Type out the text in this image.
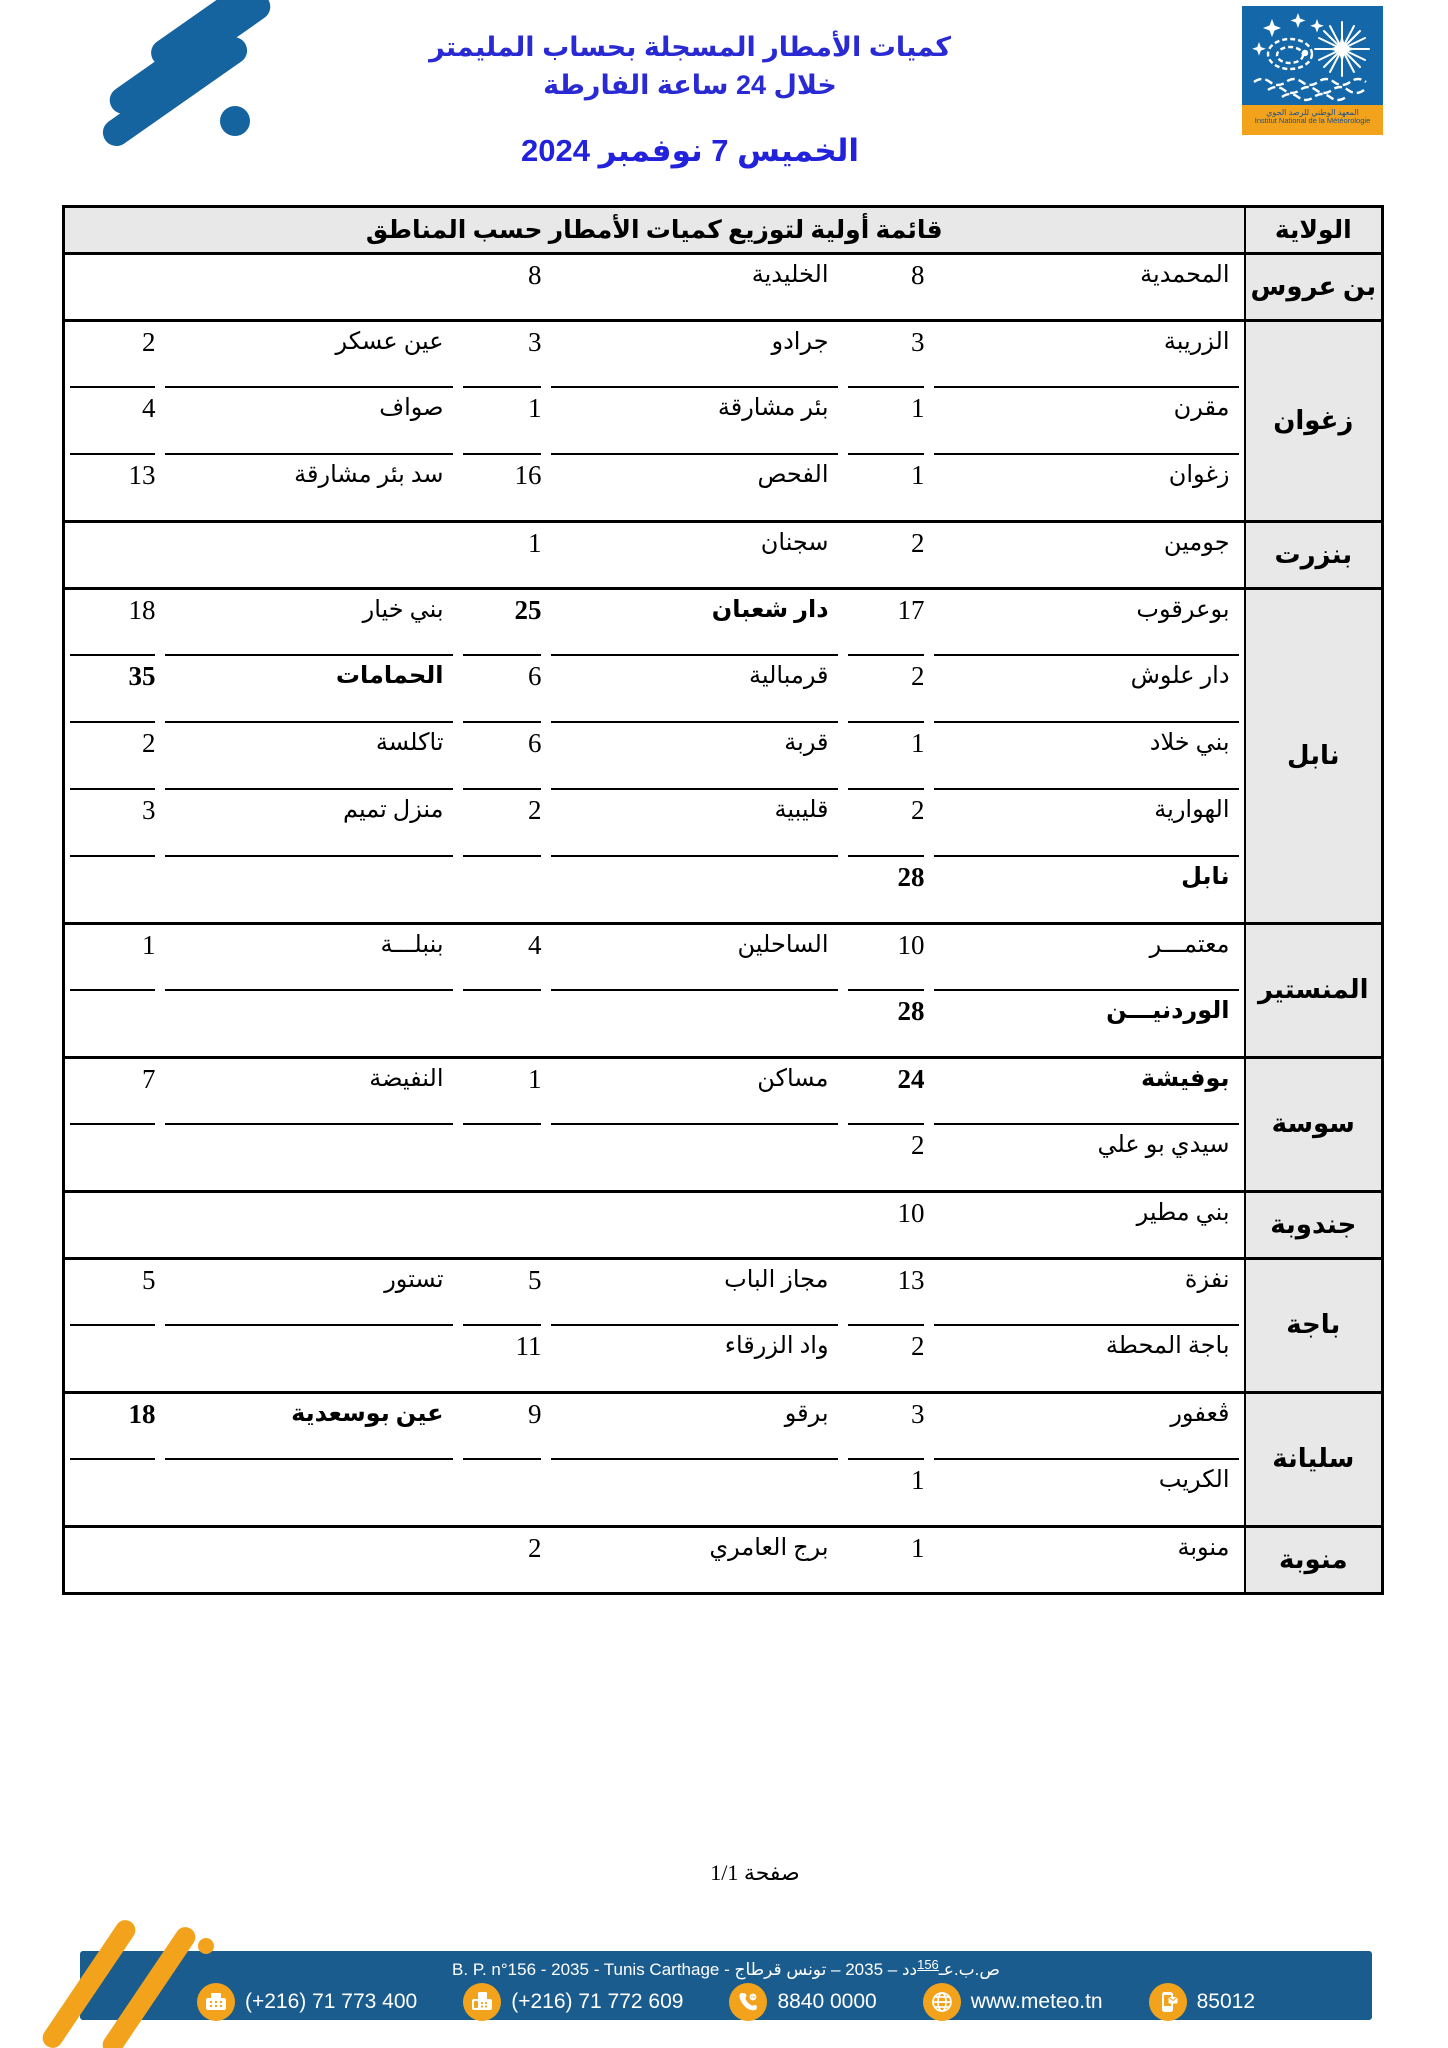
كميات الأمطار المسجلة بحساب المليمتر
خلال 24 ساعة الفارطة
الخميس 7 نوفمبر 2024
المعهد الوطني للرصد الجوي
Institut National de la Météorologie
الولاية	قائمة أولية لتوزيع كميات الأمطار حسب المناطق					
بن عروس	المحمدية	8	الخليدية	8		
زغوان	الزريبة	3	جرادو	3	عين عسكر	2
	مقرن	1	بئر مشارقة	1	صواف	4
	زغوان	1	الفحص	16	سد بئر مشارقة	13
بنزرت	جومين	2	سجنان	1		
نابل	بوعرقوب	17	دار شعبان	25	بني خيار	18
	دار علوش	2	قرمبالية	6	الحمامات	35
	بني خلاد	1	قربة	6	تاكلسة	2
	الهوارية	2	قليبية	2	منزل تميم	3
	نابل	28				
المنستير	معتمـــر	10	الساحلين	4	بنبلـــة	1
	الوردنيـــن	28				
سوسة	بوفيشة	24	مساكن	1	النفيضة	7
	سيدي بو علي	2				
جندوبة	بني مطير	10				
باجة	نفزة	13	مجاز الباب	5	تستور	5
	باجة المحطة	2	واد الزرقاء	11		
سليانة	ڤعفور	3	برقو	9	عين بوسعدية	18
	الكريب	1				
منوبة	منوبة	1	برج العامري	2		
صفحة 1/1
ص.ب.عـ$^{156}$دد – 2035 – تونس قرطاج - B. P. n°156 - 2035 - Tunis Carthage
(+216) 71 773 400	(+216) 71 772 609	8840 0000	www.meteo.tn	85012
